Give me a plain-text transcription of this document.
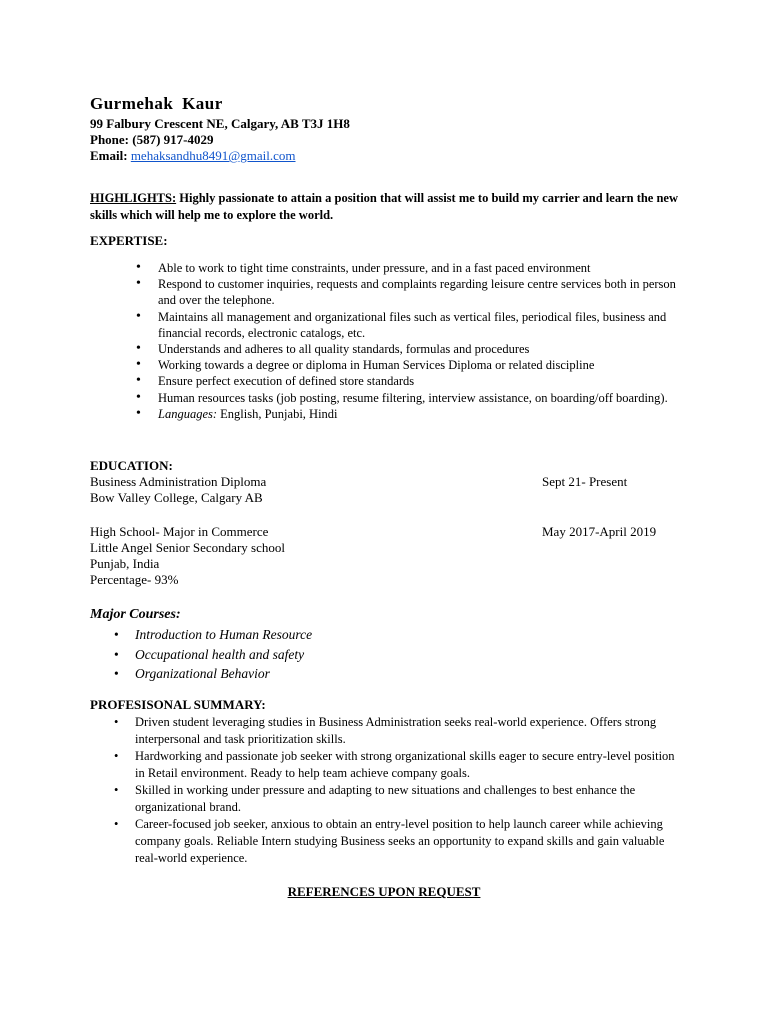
Gurmehak Kaur
99 Falbury Crescent NE, Calgary, AB T3J 1H8
Phone: (587) 917-4029
Email: mehaksandhu8491@gmail.com
HIGHLIGHTS: Highly passionate to attain a position that will assist me to build my carrier and learn the new skills which will help me to explore the world.
EXPERTISE:
• Able to work to tight time constraints, under pressure, and in a fast paced environment
• Respond to customer inquiries, requests and complaints regarding leisure centre services both in person and over the telephone.
• Maintains all management and organizational files such as vertical files, periodical files, business and financial records, electronic catalogs, etc.
• Understands and adheres to all quality standards, formulas and procedures
• Working towards a degree or diploma in Human Services Diploma or related discipline
• Ensure perfect execution of defined store standards
• Human resources tasks (job posting, resume filtering, interview assistance, on boarding/off boarding).
• Languages: English, Punjabi, Hindi
EDUCATION:
Business Administration Diploma
Bow Valley College, Calgary AB
Sept 21- Present
High School- Major in Commerce
Little Angel Senior Secondary school
Punjab, India
Percentage- 93%
May 2017-April 2019
Major Courses:
• Introduction to Human Resource
• Occupational health and safety
• Organizational Behavior
PROFESISONAL SUMMARY:
• Driven student leveraging studies in Business Administration seeks real-world experience. Offers strong interpersonal and task prioritization skills.
• Hardworking and passionate job seeker with strong organizational skills eager to secure entry-level position in Retail environment. Ready to help team achieve company goals.
• Skilled in working under pressure and adapting to new situations and challenges to best enhance the organizational brand.
• Career-focused job seeker, anxious to obtain an entry-level position to help launch career while achieving company goals. Reliable Intern studying Business seeks an opportunity to expand skills and gain valuable real-world experience.
REFERENCES UPON REQUEST
